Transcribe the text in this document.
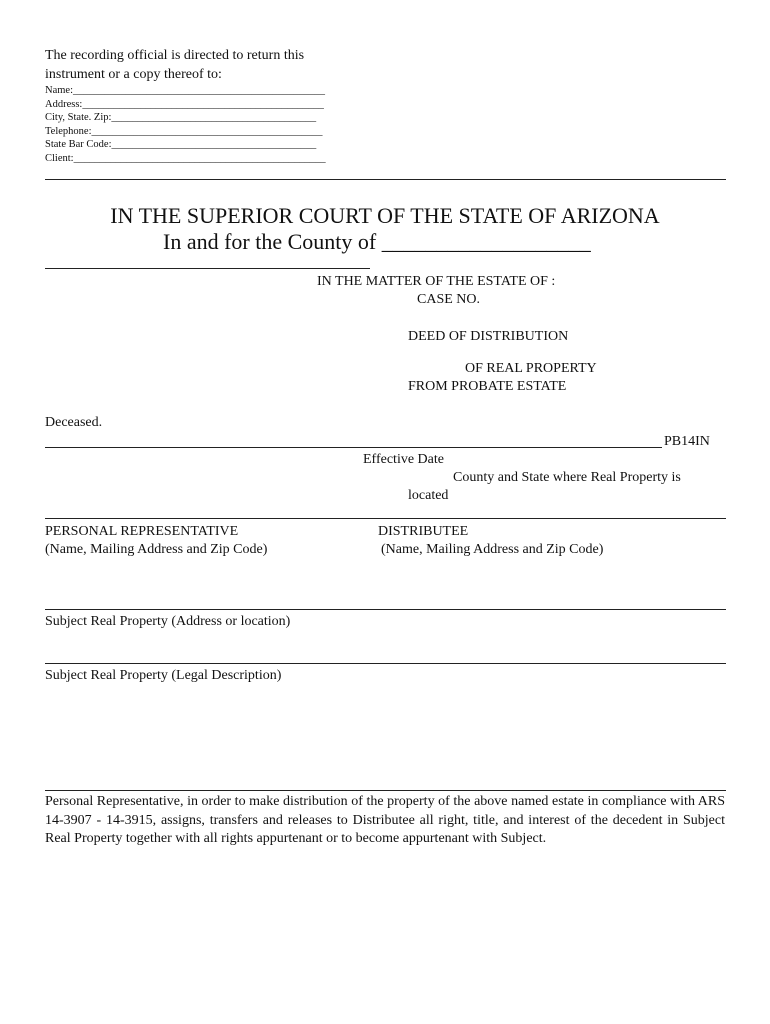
The recording official is directed to return this
instrument or a copy thereof to:
Name:________________________________________________
Address:______________________________________________
City, State. Zip:_______________________________________
Telephone:____________________________________________
State Bar Code:_______________________________________
Client:________________________________________________
IN THE SUPERIOR COURT OF THE STATE OF ARIZONA
In and for the County of ___________________
IN THE MATTER OF THE ESTATE OF :
CASE NO.
DEED OF DISTRIBUTION
OF REAL PROPERTY
FROM PROBATE ESTATE
Deceased.
PB14IN
Effective Date
County and State where Real Property is
located
PERSONAL REPRESENTATIVE
(Name, Mailing Address and Zip Code)
DISTRIBUTEE
(Name, Mailing Address and Zip Code)
Subject Real Property (Address or location)
Subject Real Property (Legal Description)
Personal Representative, in order to make distribution of the property of the above named estate in compliance with ARS 14-3907 - 14-3915, assigns, transfers and releases to Distributee all right, title, and interest of the decedent in Subject Real Property together with all rights appurtenant or to become appurtenant with Subject.
